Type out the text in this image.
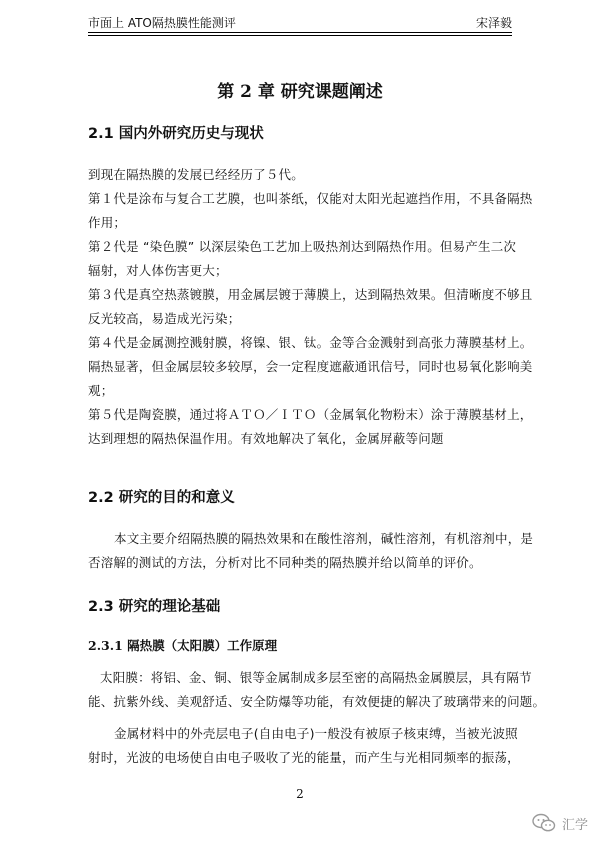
市面上 ATO隔热膜性能测评	宋泽毅
第 2 章 研究课题阐述
2.1 国内外研究历史与现状
到现在隔热膜的发展已经经历了５代。
第１代是涂布与复合工艺膜，也叫茶纸，仅能对太阳光起遮挡作用，不具备隔热
作用；
第２代是 “染色膜” 以深层染色工艺加上吸热剂达到隔热作用。但易产生二次
辐射，对人体伤害更大；
第３代是真空热蒸镀膜，用金属层镀于薄膜上，达到隔热效果。但清晰度不够且
反光较高，易造成光污染；
第４代是金属测控溅射膜，将镍、银、钛。金等合金溅射到高张力薄膜基材上。
隔热显著，但金属层较多较厚，会一定程度遮蔽通讯信号，同时也易氧化影响美
观；
第５代是陶瓷膜，通过将ＡＴＯ／ＩＴＯ（金属氧化物粉末）涂于薄膜基材上，
达到理想的隔热保温作用。有效地解决了氧化，金属屏蔽等问题
2.2 研究的目的和意义
本文主要介绍隔热膜的隔热效果和在酸性溶剂，碱性溶剂，有机溶剂中，是
否溶解的测试的方法，分析对比不同种类的隔热膜并给以简单的评价。
2.3 研究的理论基础
2.3.1 隔热膜（太阳膜）工作原理
太阳膜：将铝、金、铜、银等金属制成多层至密的高隔热金属膜层，具有隔节
能、抗紫外线、美观舒适、安全防爆等功能，有效便捷的解决了玻璃带来的问题。
金属材料中的外壳层电子(自由电子)一般没有被原子核束缚，当被光波照
射时，光波的电场使自由电子吸收了光的能量，而产生与光相同频率的振荡，
2
汇学
